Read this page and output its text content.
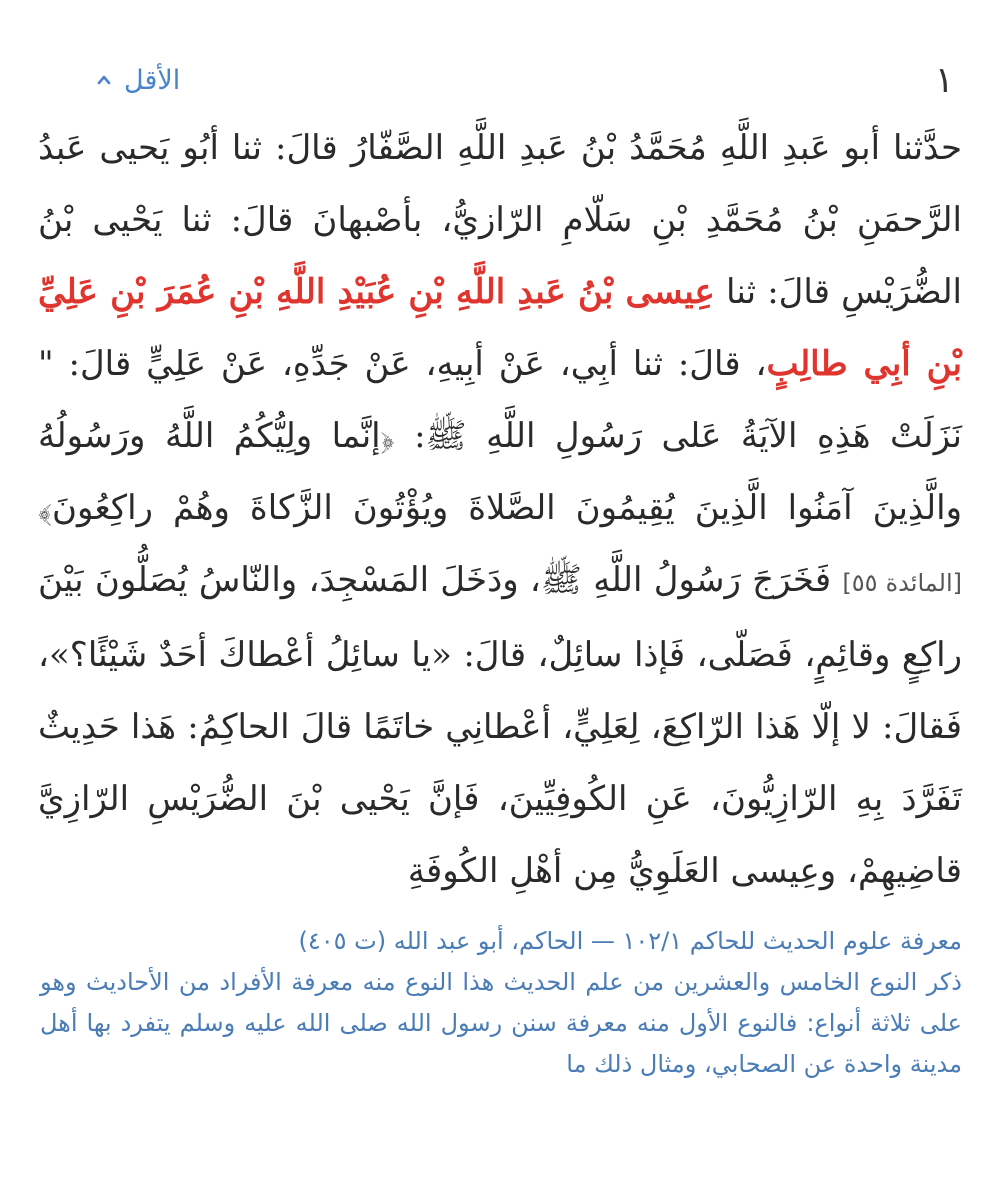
١
الأقل

حدَّثنا أبو عَبدِ اللَّهِ مُحَمَّدُ بْنُ عَبدِ اللَّهِ الصَّفّارُ قالَ: ثنا أبُو يَحيى عَبدُ الرَّحمَنِ بْنُ مُحَمَّدِ بْنِ سَلّامِ الرّازيُّ، بأصْبهانَ قالَ: ثنا يَحْيى بْنُ الضُّرَيْسِ قالَ: ثنا عِيسى بْنُ عَبدِ اللَّهِ بْنِ عُبَيْدِ اللَّهِ بْنِ عُمَرَ بْنِ عَلِيِّ بْنِ أبِي طالِبٍ، قالَ: ثنا أبِي، عَنْ أبِيهِ، عَنْ جَدِّهِ، عَنْ عَلِيٍّ قالَ: " نَزَلَتْ هَذِهِ الآيَةُ عَلى رَسُولِ اللَّهِ ﷺ: ﴿إنَّما ولِيُّكُمُ اللَّهُ ورَسُولُهُ والَّذِينَ آمَنُوا الَّذِينَ يُقِيمُونَ الصَّلاةَ ويُؤْتُونَ الزَّكاةَ وهُمْ راكِعُونَ﴾ [المائدة ٥٥] فَخَرَجَ رَسُولُ اللَّهِ ﷺ، ودَخَلَ المَسْجِدَ، والنّاسُ يُصَلُّونَ بَيْنَ راكِعٍ وقائِمٍ، فَصَلّى، فَإذا سائِلٌ، قالَ: «يا سائِلُ أعْطاكَ أحَدٌ شَيْئًا؟»، فَقالَ: لا إلّا هَذا الرّاكِعَ، لِعَلِيٍّ، أعْطانِي خاتَمًا قالَ الحاكِمُ: هَذا حَدِيثٌ تَفَرَّدَ بِهِ الرّازِيُّونَ، عَنِ الكُوفِيِّينَ، فَإنَّ يَحْيى بْنَ الضُّرَيْسِ الرّازِيَّ قاضِيهِمْ، وعِيسى العَلَوِيُّ مِن أهْلِ الكُوفَةِ

معرفة علوم الحديث للحاكم ١٠٢/١ — الحاكم، أبو عبد الله (ت ٤٠٥)
ذكر النوع الخامس والعشرين من علم الحديث هذا النوع منه معرفة الأفراد من الأحاديث وهو على ثلاثة أنواع: فالنوع الأول منه معرفة سنن رسول الله صلى الله عليه وسلم يتفرد بها أهل مدينة واحدة عن الصحابي، ومثال ذلك ما
